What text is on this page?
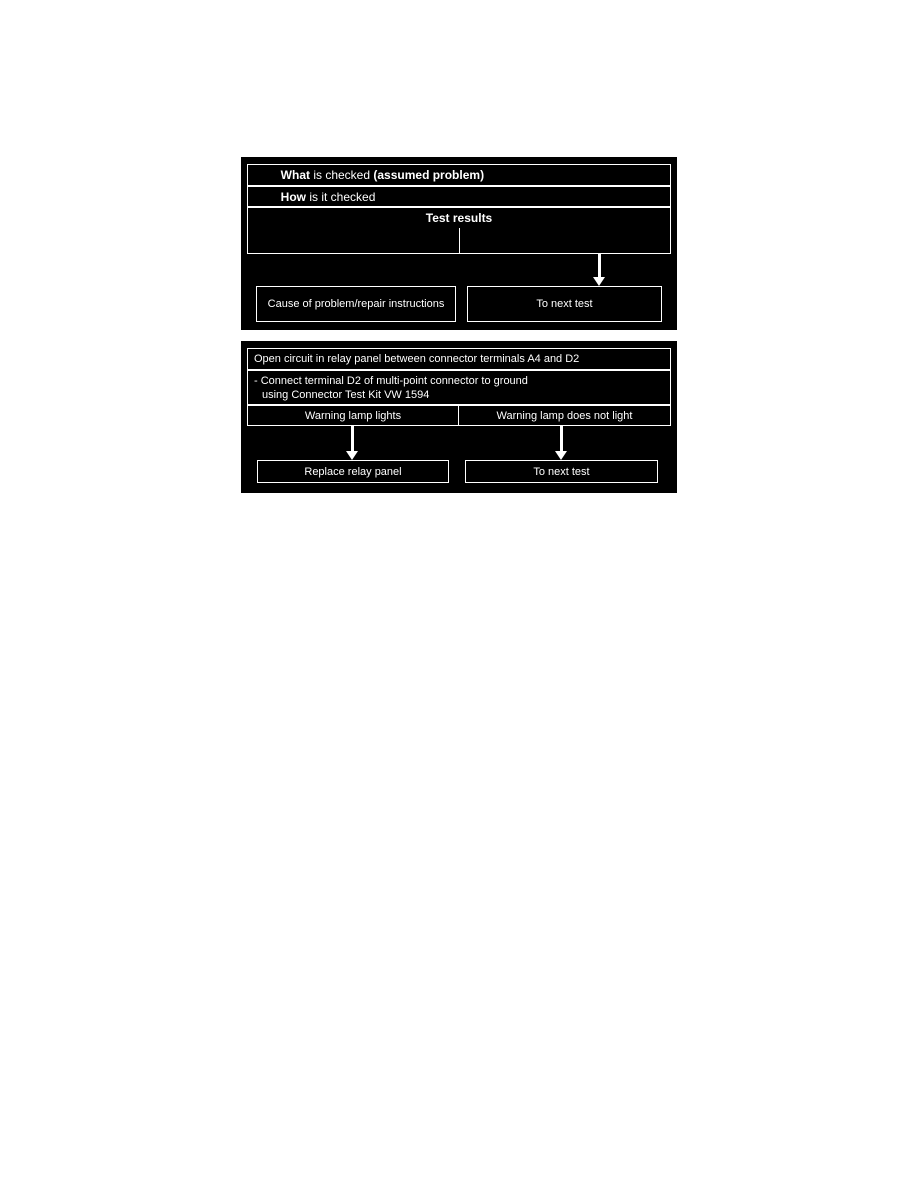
What is checked (assumed problem)

How is it checked

Test results
Cause of problem/repair instructions	To next test
Open circuit in relay panel between connector terminals A4 and D2
- Connect terminal D2 of multi-point connector to ground
using Connector Test Kit VW 1594
Warning lamp lights	Warning lamp does not light
Replace relay panel	To next test
